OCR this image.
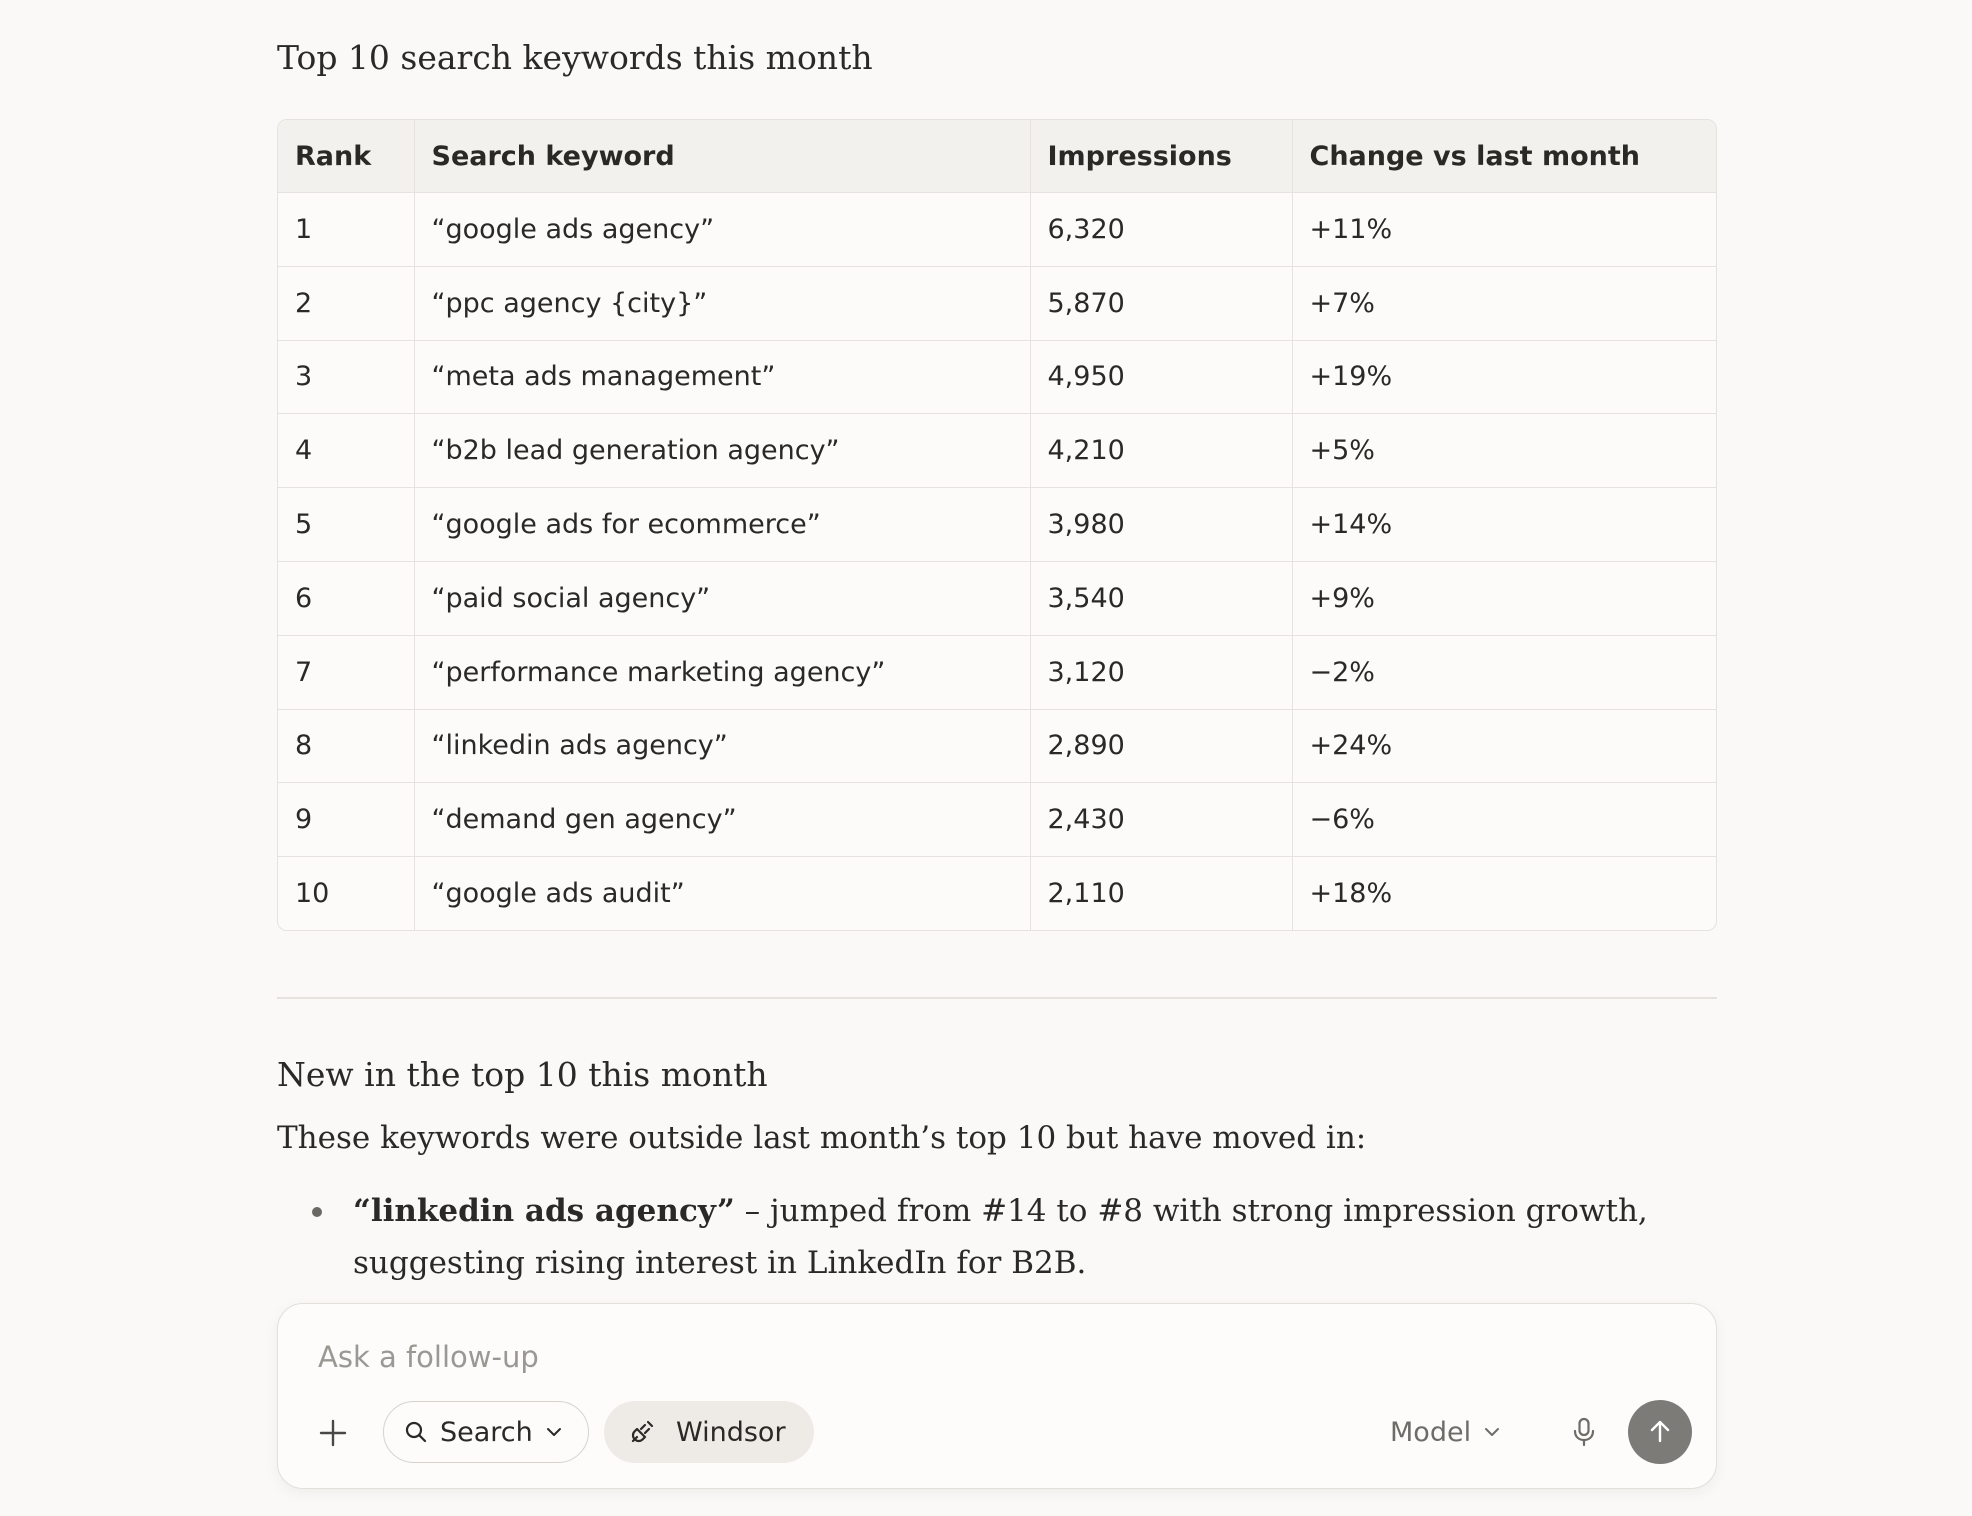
Top 10 search keywords this month
Rank	Search keyword	Impressions	Change vs last month
1	“google ads agency”	6,320	+11%
2	“ppc agency {city}”	5,870	+7%
3	“meta ads management”	4,950	+19%
4	“b2b lead generation agency”	4,210	+5%
5	“google ads for ecommerce”	3,980	+14%
6	“paid social agency”	3,540	+9%
7	“performance marketing agency”	3,120	−2%
8	“linkedin ads agency”	2,890	+24%
9	“demand gen agency”	2,430	−6%
10	“google ads audit”	2,110	+18%
New in the top 10 this month

These keywords were outside last month’s top 10 but have moved in:

“linkedin ads agency” – jumped from #14 to #8 with strong impression growth, suggesting rising interest in LinkedIn for B2B.
Ask a follow-up
Search	Windsor	Model
